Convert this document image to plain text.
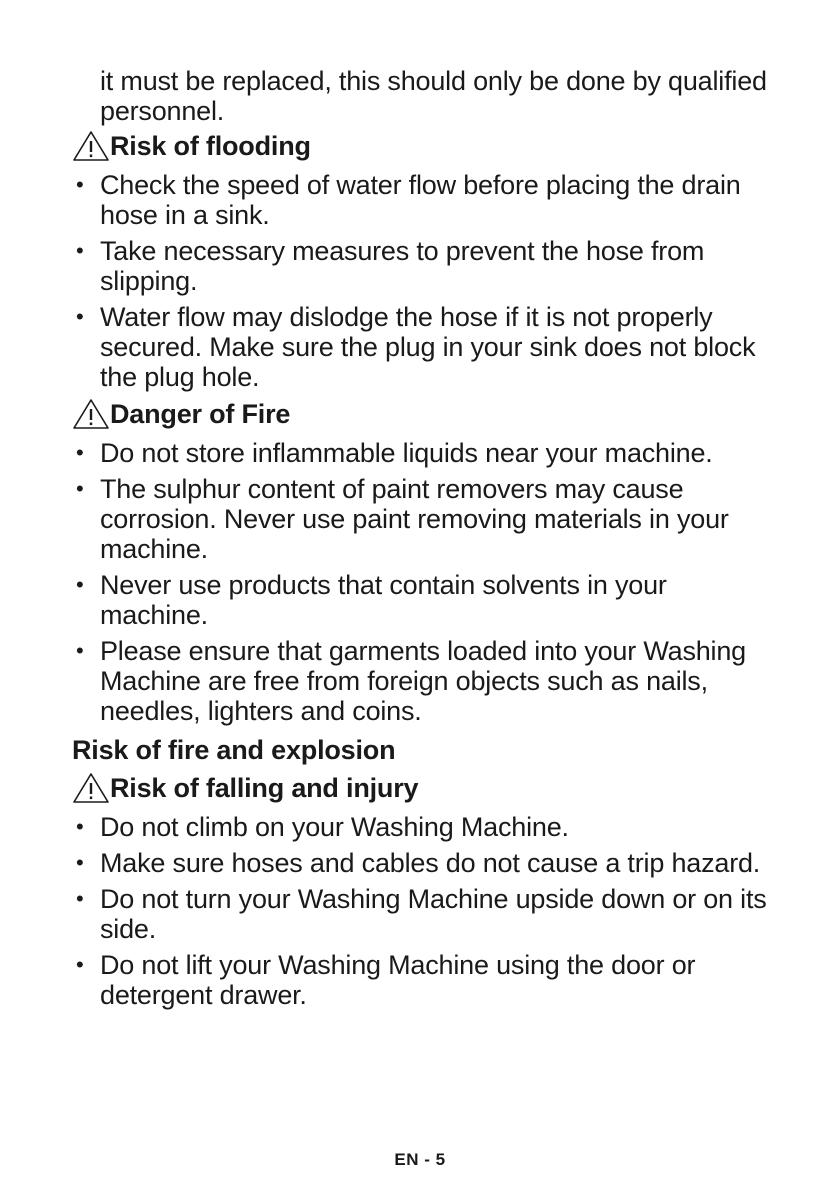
it must be replaced, this should only be done by qualified personnel.

Risk of flooding
• Check the speed of water flow before placing the drain hose in a sink.
• Take necessary measures to prevent the hose from slipping.
• Water flow may dislodge the hose if it is not properly secured. Make sure the plug in your sink does not block the plug hole.
Danger of Fire
• Do not store inflammable liquids near your machine.
• The sulphur content of paint removers may cause corrosion. Never use paint removing materials in your machine.
• Never use products that contain solvents in your machine.
• Please ensure that garments loaded into your Washing Machine are free from foreign objects such as nails, needles, lighters and coins.
Risk of fire and explosion
Risk of falling and injury
• Do not climb on your Washing Machine.
• Make sure hoses and cables do not cause a trip hazard.
• Do not turn your Washing Machine upside down or on its side.
• Do not lift your Washing Machine using the door or detergent drawer.
EN - 5
